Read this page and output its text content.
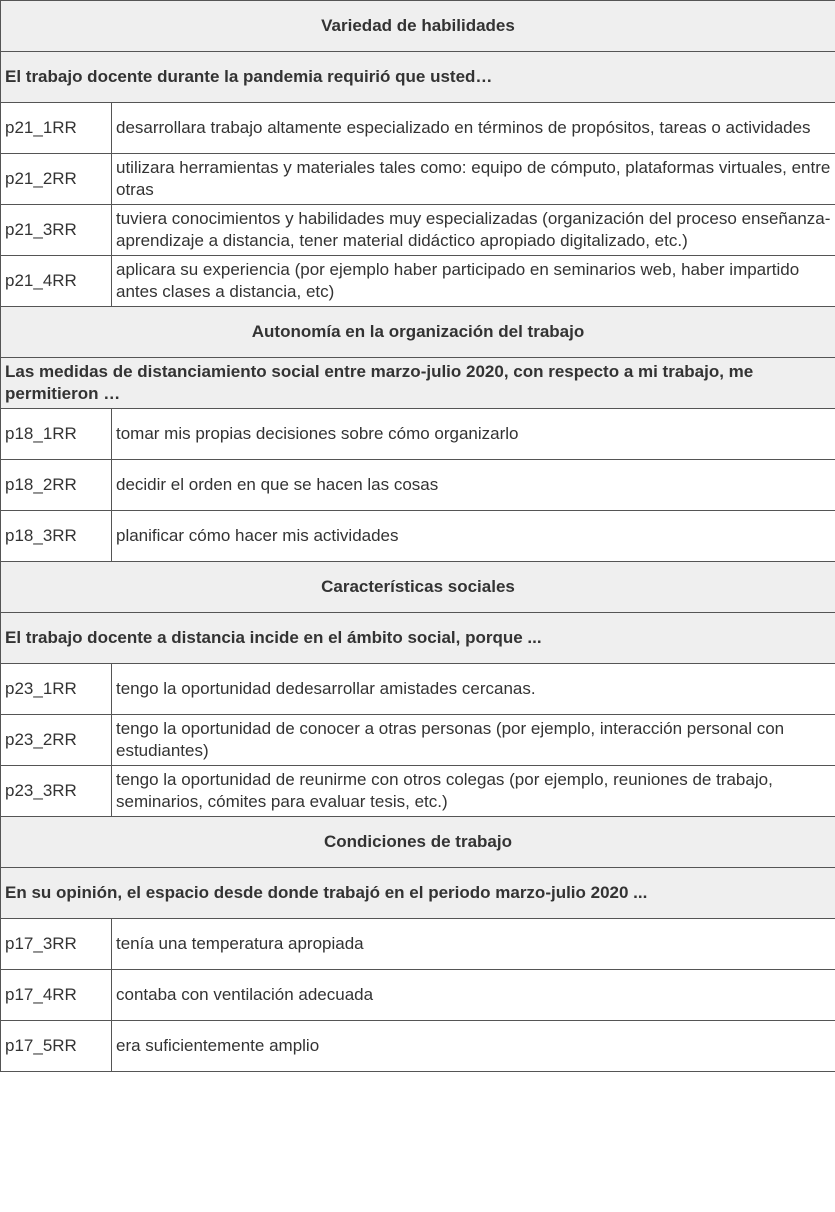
Variedad de habilidades	
El trabajo docente durante la pandemia requirió que usted…	
p21_1RR	desarrollara trabajo altamente especializado en términos de propósitos, tareas o actividades
p21_2RR	utilizara herramientas y materiales tales como: equipo de cómputo, plataformas virtuales, entre otras
p21_3RR	tuviera conocimientos y habilidades muy especializadas (organización del proceso enseñanza-aprendizaje a distancia, tener material didáctico apropiado digitalizado, etc.)
p21_4RR	aplicara su experiencia (por ejemplo haber participado en seminarios web, haber impartido antes clases a distancia, etc)
Autonomía en la organización del trabajo	
Las medidas de distanciamiento social entre marzo-julio 2020, con respecto a mi trabajo, me permitieron …	
p18_1RR	tomar mis propias decisiones sobre cómo organizarlo
p18_2RR	decidir el orden en que se hacen las cosas
p18_3RR	planificar cómo hacer mis actividades
Características sociales	
El trabajo docente a distancia incide en el ámbito social, porque ...	
p23_1RR	tengo la oportunidad dedesarrollar amistades cercanas.
p23_2RR	tengo la oportunidad de conocer a otras personas (por ejemplo, interacción personal con estudiantes)
p23_3RR	tengo la oportunidad de reunirme con otros colegas (por ejemplo, reuniones de trabajo, seminarios, cómites para evaluar tesis, etc.)
Condiciones de trabajo	
En su opinión, el espacio desde donde trabajó en el periodo marzo-julio 2020 ...	
p17_3RR	tenía una temperatura apropiada
p17_4RR	contaba con ventilación adecuada
p17_5RR	era suficientemente amplio
